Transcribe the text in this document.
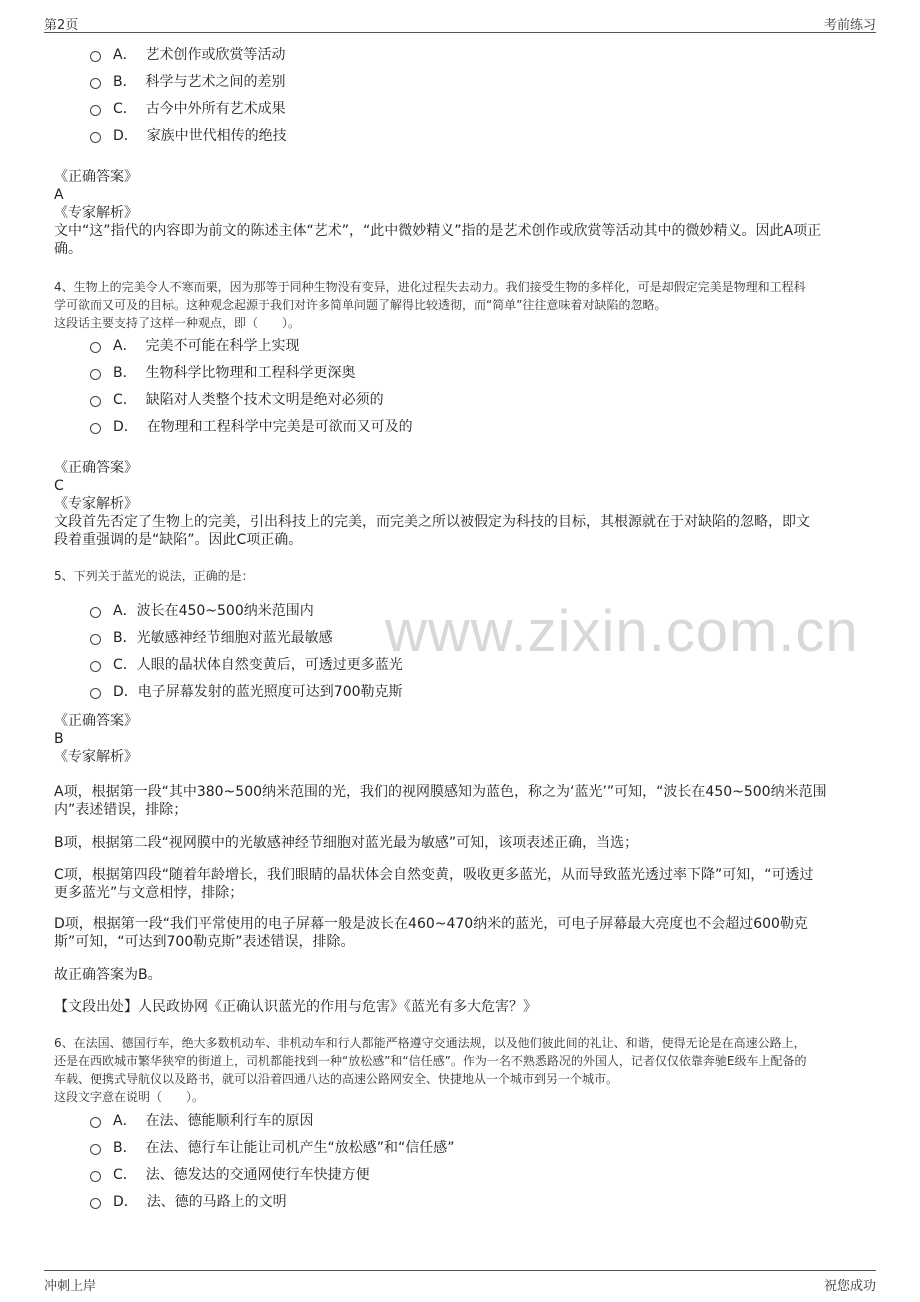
第2页	考前练习
www.zixin.com.cn
A． 艺术创作或欣赏等活动
B． 科学与艺术之间的差别
C． 古今中外所有艺术成果
D． 家族中世代相传的绝技
《正确答案》
A
《专家解析》
文中“这”指代的内容即为前文的陈述主体“艺术”，“此中微妙精义”指的是艺术创作或欣赏等活动其中的微妙精义。因此A项正
确。
4、生物上的完美令人不寒而栗，因为那等于同种生物没有变异，进化过程失去动力。我们接受生物的多样化，可是却假定完美是物理和工程科
学可欲而又可及的目标。这种观念起源于我们对许多简单问题了解得比较透彻，而“简单”往往意味着对缺陷的忽略。
这段话主要支持了这样一种观点，即（　　）。
A． 完美不可能在科学上实现
B． 生物科学比物理和工程科学更深奥
C． 缺陷对人类整个技术文明是绝对必须的
D． 在物理和工程科学中完美是可欲而又可及的
《正确答案》
C
《专家解析》
文段首先否定了生物上的完美，引出科技上的完美，而完美之所以被假定为科技的目标，其根源就在于对缺陷的忽略，即文
段着重强调的是“缺陷”。因此C项正确。
5、下列关于蓝光的说法，正确的是：
A．波长在450~500纳米范围内
B．光敏感神经节细胞对蓝光最敏感
C．人眼的晶状体自然变黄后，可透过更多蓝光
D．电子屏幕发射的蓝光照度可达到700勒克斯
《正确答案》
B
《专家解析》
A项，根据第一段“其中380~500纳米范围的光，我们的视网膜感知为蓝色，称之为‘蓝光’”可知，“波长在450~500纳米范围
内”表述错误，排除；
B项，根据第二段“视网膜中的光敏感神经节细胞对蓝光最为敏感”可知，该项表述正确，当选；
C项，根据第四段“随着年龄增长，我们眼睛的晶状体会自然变黄，吸收更多蓝光，从而导致蓝光透过率下降”可知，“可透过
更多蓝光”与文意相悖，排除；
D项，根据第一段“我们平常使用的电子屏幕一般是波长在460~470纳米的蓝光，可电子屏幕最大亮度也不会超过600勒克
斯”可知，“可达到700勒克斯”表述错误，排除。
故正确答案为B。
【文段出处】人民政协网《正确认识蓝光的作用与危害》《蓝光有多大危害？》
6、在法国、德国行车，绝大多数机动车、非机动车和行人都能严格遵守交通法规，以及他们彼此间的礼让、和谐，使得无论是在高速公路上，
还是在西欧城市繁华狭窄的街道上，司机都能找到一种“放松感”和“信任感”。作为一名不熟悉路况的外国人，记者仅仅依靠奔驰E级车上配备的
车载、便携式导航仪以及路书，就可以沿着四通八达的高速公路网安全、快捷地从一个城市到另一个城市。
这段文字意在说明（　　）。
A． 在法、德能顺利行车的原因
B． 在法、德行车让能让司机产生“放松感”和“信任感”
C． 法、德发达的交通网使行车快捷方便
D． 法、德的马路上的文明
冲刺上岸	祝您成功
